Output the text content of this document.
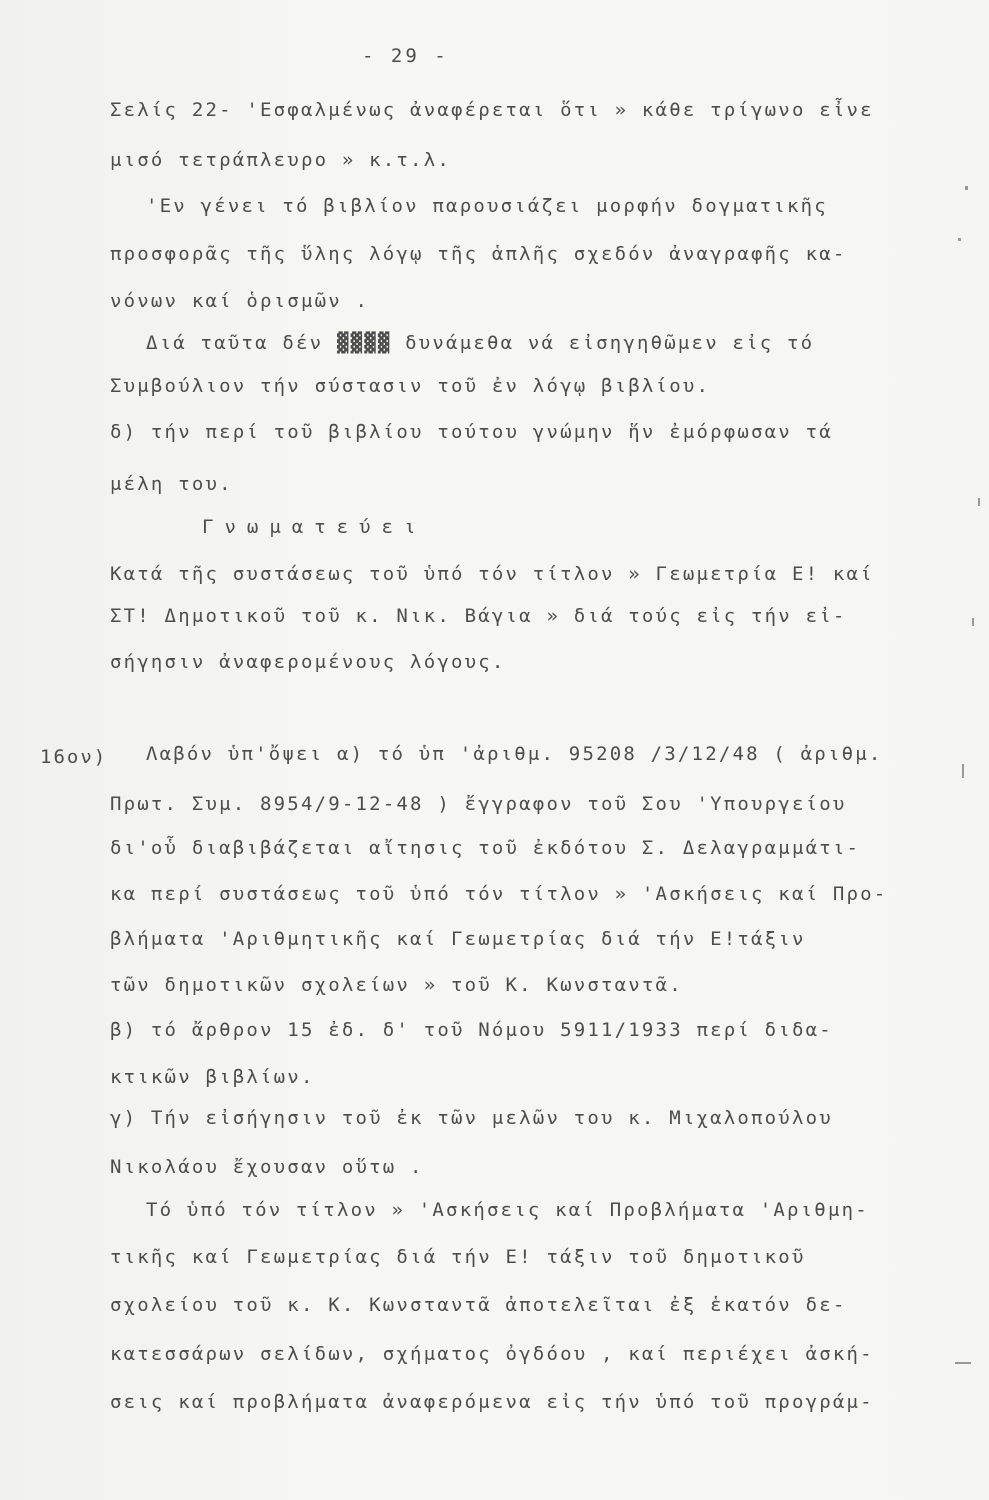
- 29 -
Σελίς 22- 'Εσφαλμένως ἀναφέρεται ὅτι » κάθε τρίγωνο εἶνε
μισό τετράπλευρο » κ.τ.λ.
'Εν γένει τό βιβλίον παρουσιάζει μορφήν δογματικῆς
προσφορᾶς τῆς ὕλης λόγῳ τῆς ἁπλῆς σχεδόν ἀναγραφῆς κα-
νόνων καί ὁρισμῶν .
Διά ταῦτα δέν ▓▓▓▓ δυνάμεθα νά εἰσηγηθῶμεν εἰς τό
Συμβούλιον τήν σύστασιν τοῦ ἐν λόγῳ βιβλίου.
δ) τήν περί τοῦ βιβλίου τούτου γνώμην ἥν ἐμόρφωσαν τά
μέλη του.
Γνωματεύει
Κατά τῆς συστάσεως τοῦ ὑπό τόν τίτλον » Γεωμετρία Ε! καί
ΣΤ! Δημοτικοῦ τοῦ κ. Νικ. Βάγια » διά τούς εἰς τήν εἰ-
σήγησιν ἀναφερομένους λόγους.
16ον) Λαβόν ὑπ'ὄψει α) τό ὑπ 'ἀριθμ. 95208 /3/12/48 ( ἀριθμ.
Πρωτ. Συμ. 8954/9-12-48 ) ἔγγραφον τοῦ Σου 'Υπουργείου
δι'οὗ διαβιβάζεται αἴτησις τοῦ ἐκδότου Σ. Δελαγραμμάτι-
κα περί συστάσεως τοῦ ὑπό τόν τίτλον » 'Ασκήσεις καί Προ-
βλήματα 'Αριθμητικῆς καί Γεωμετρίας διά τήν Ε!τάξιν
τῶν δημοτικῶν σχολείων » τοῦ Κ. Κωνσταντᾶ.
β) τό ἄρθρον 15 ἐδ. δ' τοῦ Νόμου 5911/1933 περί διδα-
κτικῶν βιβλίων.
γ) Τήν εἰσήγησιν τοῦ ἐκ τῶν μελῶν του κ. Μιχαλοπούλου
Νικολάου ἔχουσαν οὕτω .
Τό ὑπό τόν τίτλον » 'Ασκήσεις καί Προβλήματα 'Αριθμη-
τικῆς καί Γεωμετρίας διά τήν Ε! τάξιν τοῦ δημοτικοῦ
σχολείου τοῦ κ. Κ. Κωνσταντᾶ ἀποτελεῖται ἐξ ἑκατόν δε-
κατεσσάρων σελίδων, σχήματος ὀγδόου , καί περιέχει ἀσκή-
σεις καί προβλήματα ἀναφερόμενα εἰς τήν ὑπό τοῦ προγράμ-
